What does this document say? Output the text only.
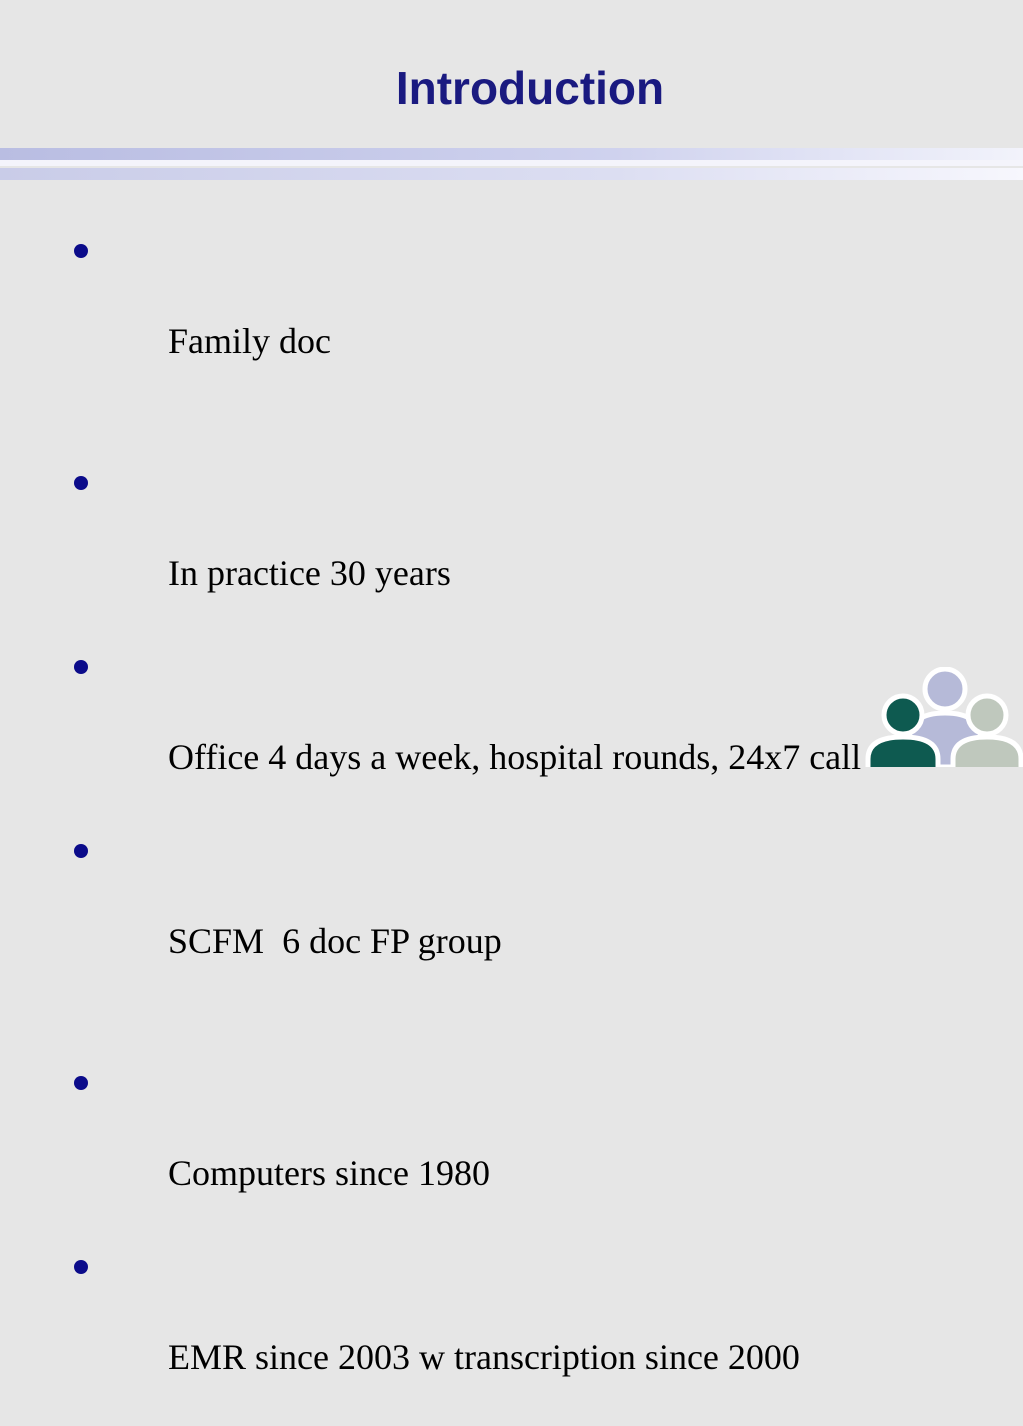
Introduction

Family doc

In practice 30 years

Office 4 days a week, hospital rounds, 24x7 call

SCFM  6 doc FP group

Computers since 1980

EMR since 2003 w transcription since 2000
